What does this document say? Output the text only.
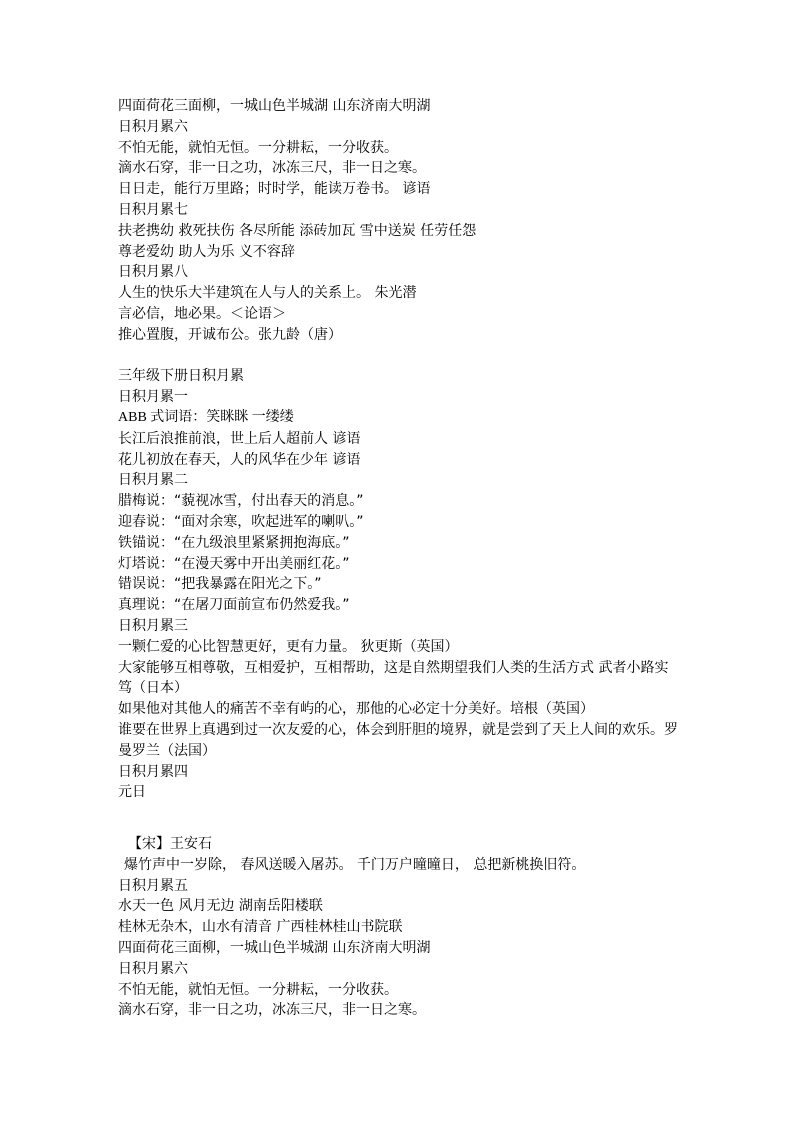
四面荷花三面柳，一城山色半城湖 山东济南大明湖
日积月累六
不怕无能，就怕无恒。一分耕耘，一分收获。
滴水石穿，非一日之功，冰冻三尺，非一日之寒。
日日走，能行万里路；时时学，能读万卷书。 谚语
日积月累七
扶老携幼 救死扶伤 各尽所能 添砖加瓦 雪中送炭 任劳任怨
尊老爱幼 助人为乐 义不容辞
日积月累八
人生的快乐大半建筑在人与人的关系上。 朱光潜
言必信，地必果。＜论语＞
推心置腹，开诚布公。张九龄（唐）
三年级下册日积月累
日积月累一
ABB 式词语：笑眯眯 一缕缕
长江后浪推前浪，世上后人超前人 谚语
花儿初放在春天，人的风华在少年 谚语
日积月累二
腊梅说：“藐视冰雪，付出春天的消息。”
迎春说：“面对余寒，吹起进军的喇叭。”
铁锚说：“在九级浪里紧紧拥抱海底。”
灯塔说：“在漫天雾中开出美丽红花。”
错误说：“把我暴露在阳光之下。”
真理说：“在屠刀面前宣布仍然爱我。”
日积月累三
一颗仁爱的心比智慧更好，更有力量。 狄更斯（英国）
大家能够互相尊敬，互相爱护，互相帮助，这是自然期望我们人类的生活方式 武者小路实笃（日本）
如果他对其他人的痛苦不幸有屿的心，那他的心必定十分美好。培根（英国）
谁要在世界上真遇到过一次友爱的心，体会到肝胆的境界，就是尝到了天上人间的欢乐。罗曼罗兰（法国）
日积月累四
元日
【宋】王安石
爆竹声中一岁除， 春风送暖入屠苏。 千门万户曈曈日， 总把新桃换旧符。
日积月累五
水天一色 风月无边 湖南岳阳楼联
桂林无杂木，山水有清音 广西桂林桂山书院联
四面荷花三面柳，一城山色半城湖 山东济南大明湖
日积月累六
不怕无能，就怕无恒。一分耕耘，一分收获。
滴水石穿，非一日之功，冰冻三尺，非一日之寒。
